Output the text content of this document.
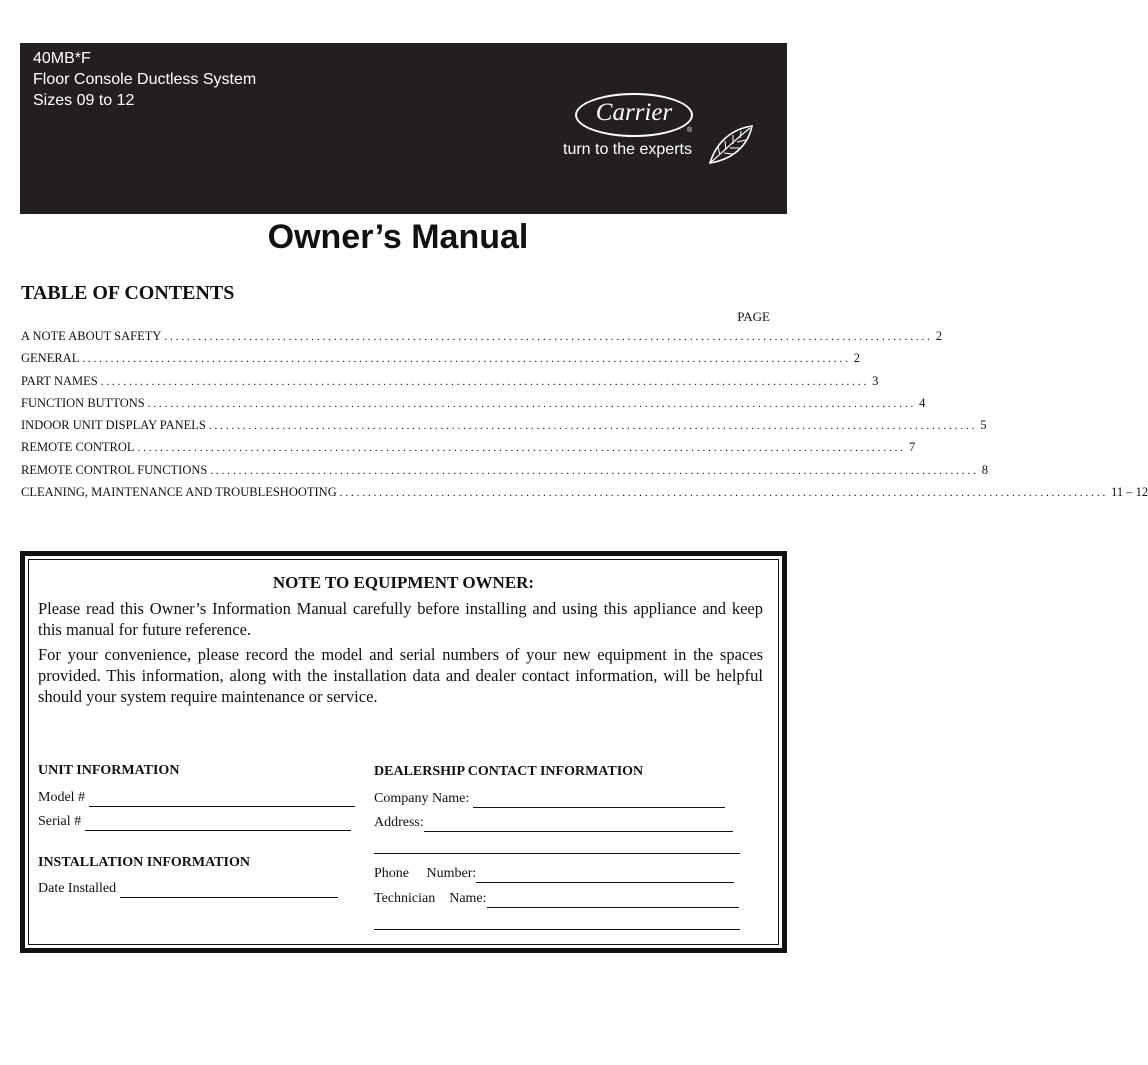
40MB*F
Floor Console Ductless System
Sizes 09 to 12	Carrier
®
turn to the experts
Owner’s Manual
TABLE OF CONTENTS
PAGE
A NOTE ABOUT SAFETY ........................................................................................................................................ 2
GENERAL ........................................................................................................................................ 2
PART NAMES ........................................................................................................................................ 3
FUNCTION BUTTONS ........................................................................................................................................ 4
INDOOR UNIT DISPLAY PANELS ........................................................................................................................................ 5
REMOTE CONTROL ........................................................................................................................................ 7
REMOTE CONTROL FUNCTIONS ........................................................................................................................................ 8
CLEANING, MAINTENANCE AND TROUBLESHOOTING ........................................................................................................................................ 11 – 12
NOTE TO EQUIPMENT OWNER:

Please read this Owner’s Information Manual carefully before installing and using this appliance and keep this manual for future reference.

For your convenience, please record the model and serial numbers of your new equipment in the spaces provided. This information, along with the installation data and dealer contact information, will be helpful should your system require maintenance or service.

UNIT INFORMATION
Model #
Serial #
INSTALLATION INFORMATION
Date Installed
DEALERSHIP CONTACT INFORMATION
Company Name:
Address:
Phone     Number:
Technician    Name:
